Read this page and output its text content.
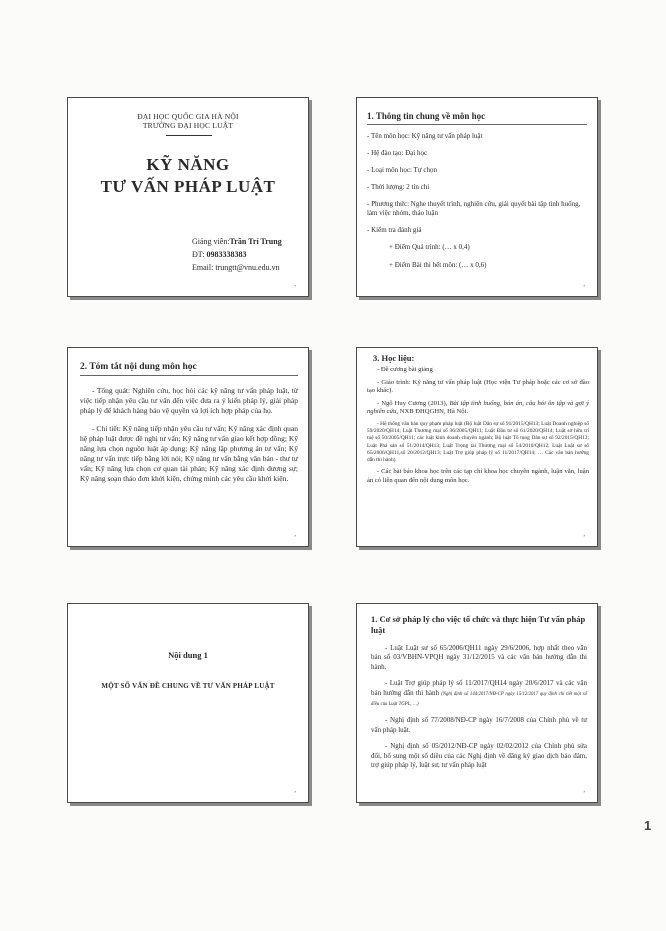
ĐẠI HỌC QUỐC GIA HÀ NỘI
TRƯỜNG ĐẠI HỌC LUẬT
KỸ NĂNG
TƯ VẤN PHÁP LUẬT
Giảng viên:Trần Trí Trung
ĐT: 0983338383
Email: trungtt@vnu.edu.vn
,
1. Thông tin chung về môn học
- Tên môn học: Kỹ năng tư vấn pháp luật
- Hệ đào tạo: Đại học
- Loại môn học: Tự chọn
- Thời lượng: 2 tín chỉ
- Phương thức: Nghe thuyết trình, nghiên cứu, giải quyết bài tập tình huống, làm việc nhóm, thảo luận
- Kiểm tra đánh giá
+ Điểm Quá trình: (… x 0,4)
+ Điểm Bài thi hết môn: (… x 0,6)
,
2. Tóm tắt nội dung môn học
- Tổng quát: Nghiên cứu, học hỏi các kỹ năng tư vấn pháp luật, từ việc tiếp nhận yêu cầu tư vấn đến việc đưa ra ý kiến pháp lý, giải pháp pháp lý để khách hàng bảo vệ quyền và lợi ích hợp pháp của họ.
- Chi tiết: Kỹ năng tiếp nhận yêu cầu tư vấn; Kỹ năng xác định quan hệ pháp luật được đề nghị tư vấn; Kỹ năng tư vấn giao kết hợp đồng; Kỹ năng lựa chọn nguồn luật áp dụng; Kỹ năng lập phương án tư vấn; Kỹ năng tư vấn trực tiếp bằng lời nói; Kỹ năng tư vấn bằng văn bản - thư tư vấn; Kỹ năng lựa chọn cơ quan tài phán; Kỹ năng xác định đương sự; Kỹ năng soạn thảo đơn khởi kiện, chứng minh các yêu cầu khởi kiện.
,
3. Học liệu:
- Đề cương bài giảng
- Giáo trình: Kỹ năng tư vấn pháp luật (Học viện Tư pháp hoặc các cơ sở đào tạo khác).
- Ngô Huy Cương (2013), Bài tập tình huống, bản án, câu hỏi ôn tập và gợi ý nghiên cứu, NXB ĐHQGHN, Hà Nội.
- Hệ thống văn bản quy phạm pháp luật (Bộ luật Dân sự số 91/2015/QH13; Luật Doanh nghiệp số 59/2020/QH14; Luật Thương mại số 36/2005/QH11; Luật Đầu tư số 61/2020/QH14; Luật sở hữu trí tuệ số 50/2005/QH11; các luật kinh doanh chuyên ngành; Bộ luật Tố tụng Dân sự số 92/2015/QH13; Luật Phá sản số 51/2014/QH13; Luật Trọng tài Thương mại số 54/2010/QH12; Luật Luật sư số 65/2006/QH11,số 20/2012/QH13; Luật Trợ giúp pháp lý số 11/2017/QH14; … Các văn bản hướng dẫn thi hành)
- Các bài báo khoa học trên các tạp chí khoa học chuyên ngành, luận văn, luận án có liên quan đến nội dung môn học.
,
Nội dung 1
MỘT SỐ VẤN ĐỀ CHUNG VỀ TƯ VẤN PHÁP LUẬT
,
1. Cơ sở pháp lý cho việc tổ chức và thực hiện Tư vấn pháp luật
- Luật Luật sư số 65/2006/QH11 ngày 29/6/2006, hợp nhất theo văn bản số 03/VBHN-VPQH ngày 31/12/2015 và các văn bản hướng dẫn thi hành.
- Luật Trợ giúp pháp lý số 11/2017/QH14 ngày 20/6/2017 và các văn bản hướng dẫn thi hành (Nghị định số 144/2017/NĐ-CP ngày 15/12/2017 quy định chi tiết một số điều của Luật TGPL, …)
- Nghị định số 77/2008/NĐ-CP ngày 16/7/2008 của Chính phủ về tư vấn pháp luật.
- Nghị định số 05/2012/NĐ-CP ngày 02/02/2012 của Chính phủ sửa đổi, bổ sung một số điều của các Nghị định về đăng ký giao dịch bảo đảm, trợ giúp pháp lý, luật sư, tư vấn pháp luật
,
1
